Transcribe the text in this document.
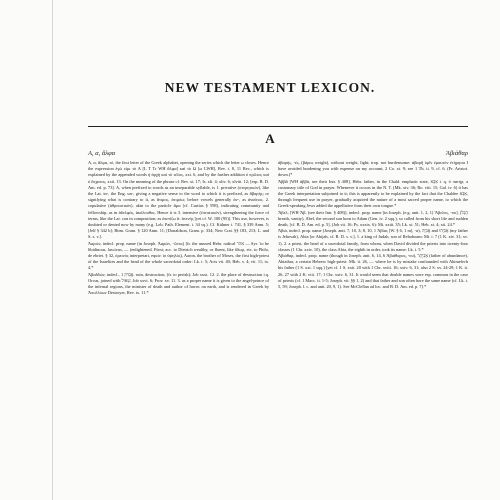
NEW TESTAMENT LEXICON.
A
Α, α, ἄλφα	Ἀβιάθαρ

A, α, ἄλφα, τό, the first letter of the Greek alphabet, opening the series which the letter ω closes. Hence the expression ἐγώ εἰμι τὸ Α [L T Tr WH ἄλφα] καὶ τὸ Ω [ω LWH], Rev. i. 8, 11 Rec., which is explained by the appended words ἡ ἀρχὴ καὶ τὸ τέλος, xxi. 6, and by the further addition ὁ πρῶτος καὶ ὁ ἔσχατος, xxii. 13. On the meaning of the phrase cf. Rev. xi. 17; Is. xli. 4; xliv. 6; xlviii. 12; [esp. B. D. Am. ed. p. 73]. A, when prefixed to words as an inseparable syllable, is 1. privative (στερητικόν), like the Lat. in-, the Eng. un-, giving a negative sense to the word to which it is prefixed, as ἄβαρής; or signifying what is contrary to it, as ἄτιμος, ἀτιμόω; before vowels generally ἀν-, as ἀναίτιος. 2. copulative (ἀθροιστικόν), akin to the particle ἅμα [cf. Curtius § 598], indicating community and fellowship, as in ἀδελφός, ἀκόλουθος. Hence it is 3. intensive (ἐπιτατικόν), strengthening the force of terms, like the Lat. con in composition; as ἀτενίζω fr. ἀτενής [yet cf. W. 100 (95)]. This use, however, is doubted or denied now by many (e.g. Lob. Path. Element. i. 34 sq.). Cf. Kühner i. 741, § 339 Anm. 5; [Jelf § 342 b]; Bttm. Gram. § 120 Anm. 11; [Donaldson, Gram. p. 334; New Crat. §§ 183, 213; L. and S. s. v.].

Ἀαρών, indecl. prop. name (in Joseph. Ἀαρών, -ῶνος) [fr. the unused Hebr. radical אהר — Syr. 'to be libidinous, lascivus, — (enlightened, Fürst; acc. to Dietrich wealthy, or fluent, like ὕδωρ, etc. to Philo, de ebriet. § 32, ὀρεινὸς interpretari, equiv. to ὑψηλός), Aaron, the brother of Moses, the first high-priest of the Israelites and the head of the whole sacerdotal order: Lk. i. 5; Acts vii. 40; Heb. v. 4; vii. 11; ix. 4.*

Ἀβαδδών, indecl., אֲבַדּוֹן 1. ruin, destruction, (fr. to perish); Job xxxi. 12. 2. the place of destruction i.q. Orcus, joined with שְׁאוֹל, Job xxvi. 6; Prov. xv. 11. 3. as a proper name it is given to the angel-prince of the infernal regions, the minister of death and author of havoc on earth, and is rendered in Greek by Ἀπολλύων Destroyer, Rev. ix. 11.*

ἀβαρής, -ές, (βάρος weight), without weight, light; trop. not burdensome: ἀβαρῆ ὑμῖν ἐμαυτὸν ἐτήρησα I have avoided burdening you with expense on my account, 2 Co. xi. 9; see 1 Th. ii. 9, cf. 6. (Fr. Aristot. down.)*

Ἀββᾶ [WH ἀββά, see their Intr. § 408], Hebr. father, in the Chald. emphatic state, אַבָּא i. q. ὁ πατήρ, a customary title of God in prayer. Whenever it occurs in the N. T. (Mk. xiv. 36; Ro. viii. 15; Gal. iv. 6) it has the Greek interpretation subjoined to it; this is apparently to be explained by the fact that the Chaldee אַבָּא, through frequent use in prayer, gradually acquired the nature of a most sacred proper name, to which the Greek-speaking Jews added the appellative from their own tongue.*

Ἄβελ, [WH Ἅβ. (see their Intr. § 408)], indecl. prop. name [in Joseph. (e.g. antt. 1, 2, 1) Ἄβελος, -ου], (הֶבֶל breath, vanity), Abel, the second son born to Adam (Gen. iv. 2 sqq.), so called from his short life and sudden death, [cf. B. D. Am. ed. p. 5], (Job vii. 16; Ps. xxxix. 6): Mt. xxiii. 35; Lk. xi. 51; Heb. xi. 4; xii. 24.*

Ἀβιά, indecl. prop. name (Joseph. antt. 7, 10, 3; 8, 10, 1 Ἀβίας [W. § 6, 1 m], -α), אֲבִיָּה and אֲבִיָּהוּ (my father is Jehovah), Abia [or Abijah, cf. B. D. s. v.], 1. a king of Judah, son of Rehoboam: Mt. i. 7 (1 K. xiv. 31; xv. 1). 2. a priest, the head of a sacerdotal family, from whom, when David divided the priests into twenty-four classes (1 Chr. xxiv. 10), the class Abia, the eighth in order, took its name: Lk. i. 5.*

Ἀβιάθαρ, indecl. prop. name (though in Joseph. antt. 6, 14, 6 Ἀβιάθαρος, -ου), אֶבְיָתָר (father of abundance), Abiathar, a certain Hebrew high-priest: Mk. ii. 26, — where he is by mistake confounded with Ahimelech his father (1 S. xxi. 1 sqq.) [yet cf. 1 S. xxii. 20 with 1 Chr. xviii. 16; xxiv. 6, 31; also 2 S. xv. 24-29; 1 K. ii. 26, 27 with 2 K. viii. 17; 1 Chr. xxiv. 6, 31. It would seem that double names were esp. common in the case of priests (cf. 1 Macc. ii. 1-5; Joseph. vit. §§ 1, 2) and that father and son often bore the same name (cf. Lk. i. 5, 59; Joseph. l. c. and antt. 20, 9, 1). See McClellan ad loc. and B. D. Am. ed. p. 7].*
